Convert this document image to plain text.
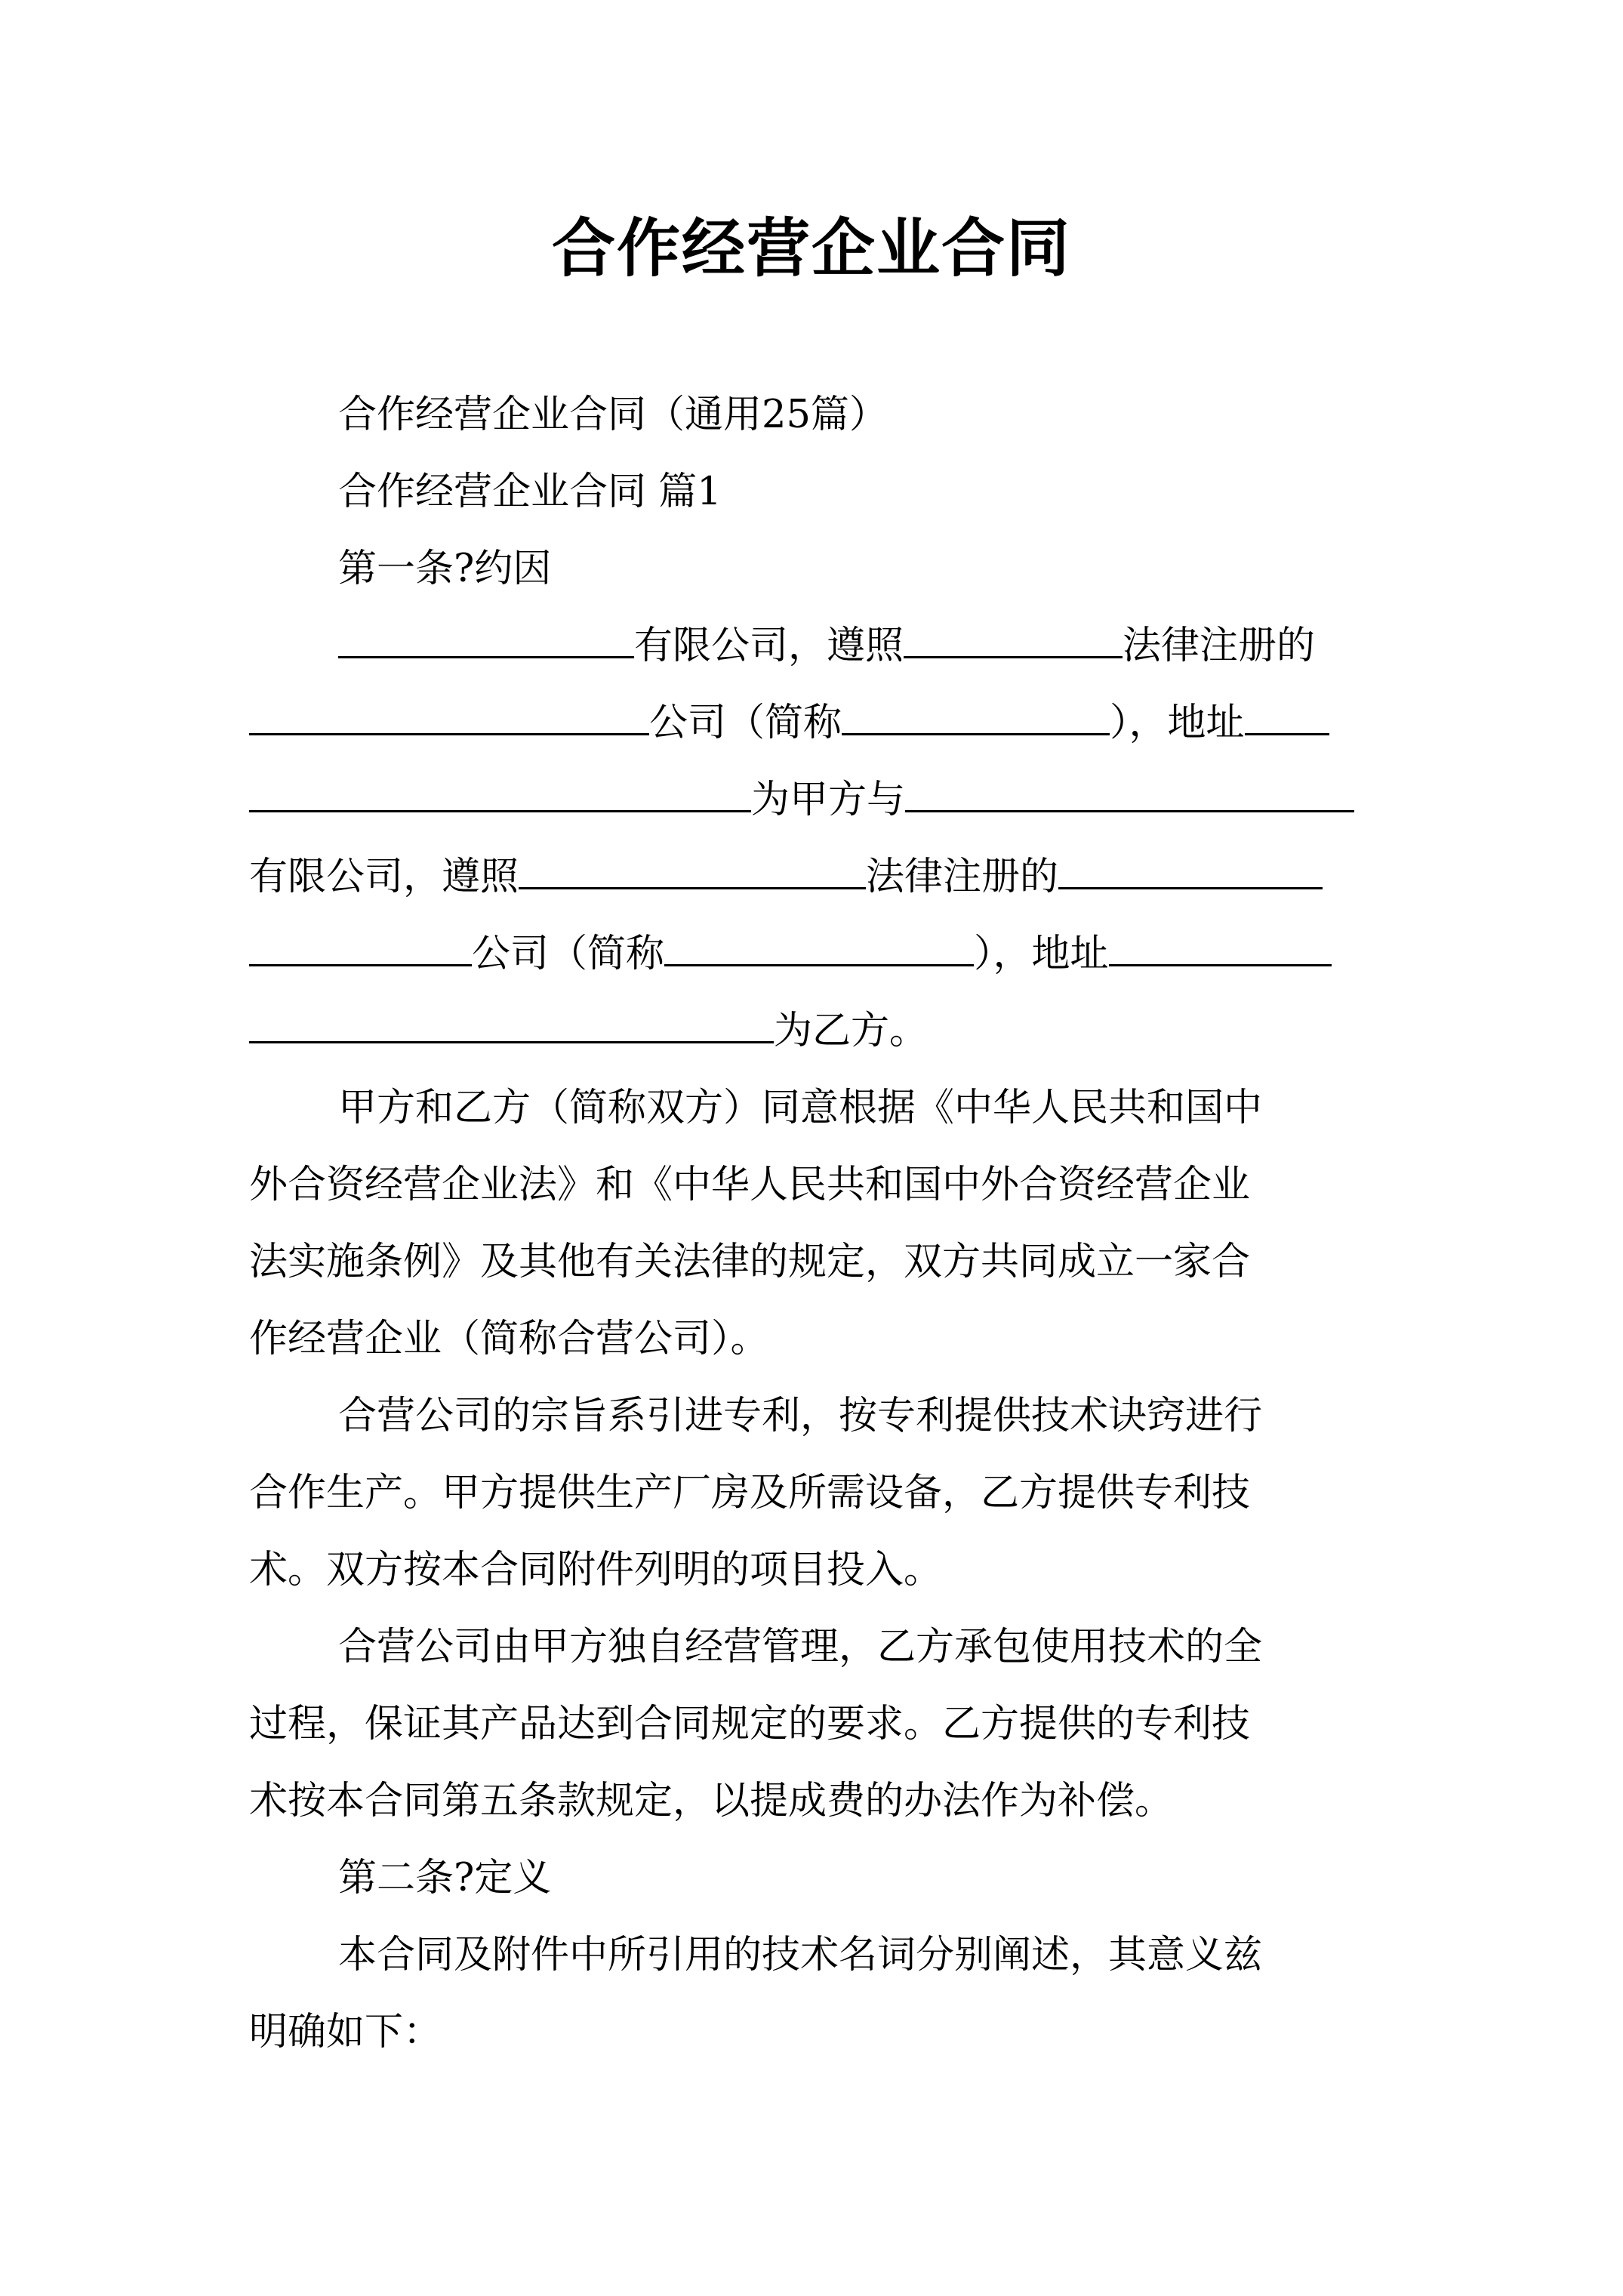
合作经营企业合同
合作经营企业合同（通用25篇）
合作经营企业合同 篇1
第一条?约因
有限公司，遵照	法律注册的
公司（简称	），地址
为甲方与
有限公司，遵照	法律注册的
公司（简称	），地址
为乙方。
甲方和乙方（简称双方）同意根据《中华人民共和国中
外合资经营企业法》和《中华人民共和国中外合资经营企业
法实施条例》及其他有关法律的规定，双方共同成立一家合
作经营企业（简称合营公司）。
合营公司的宗旨系引进专利，按专利提供技术诀窍进行
合作生产。甲方提供生产厂房及所需设备，乙方提供专利技
术。双方按本合同附件列明的项目投入。
合营公司由甲方独自经营管理，乙方承包使用技术的全
过程，保证其产品达到合同规定的要求。乙方提供的专利技
术按本合同第五条款规定，以提成费的办法作为补偿。
第二条?定义
本合同及附件中所引用的技术名词分别阐述，其意义兹
明确如下：
